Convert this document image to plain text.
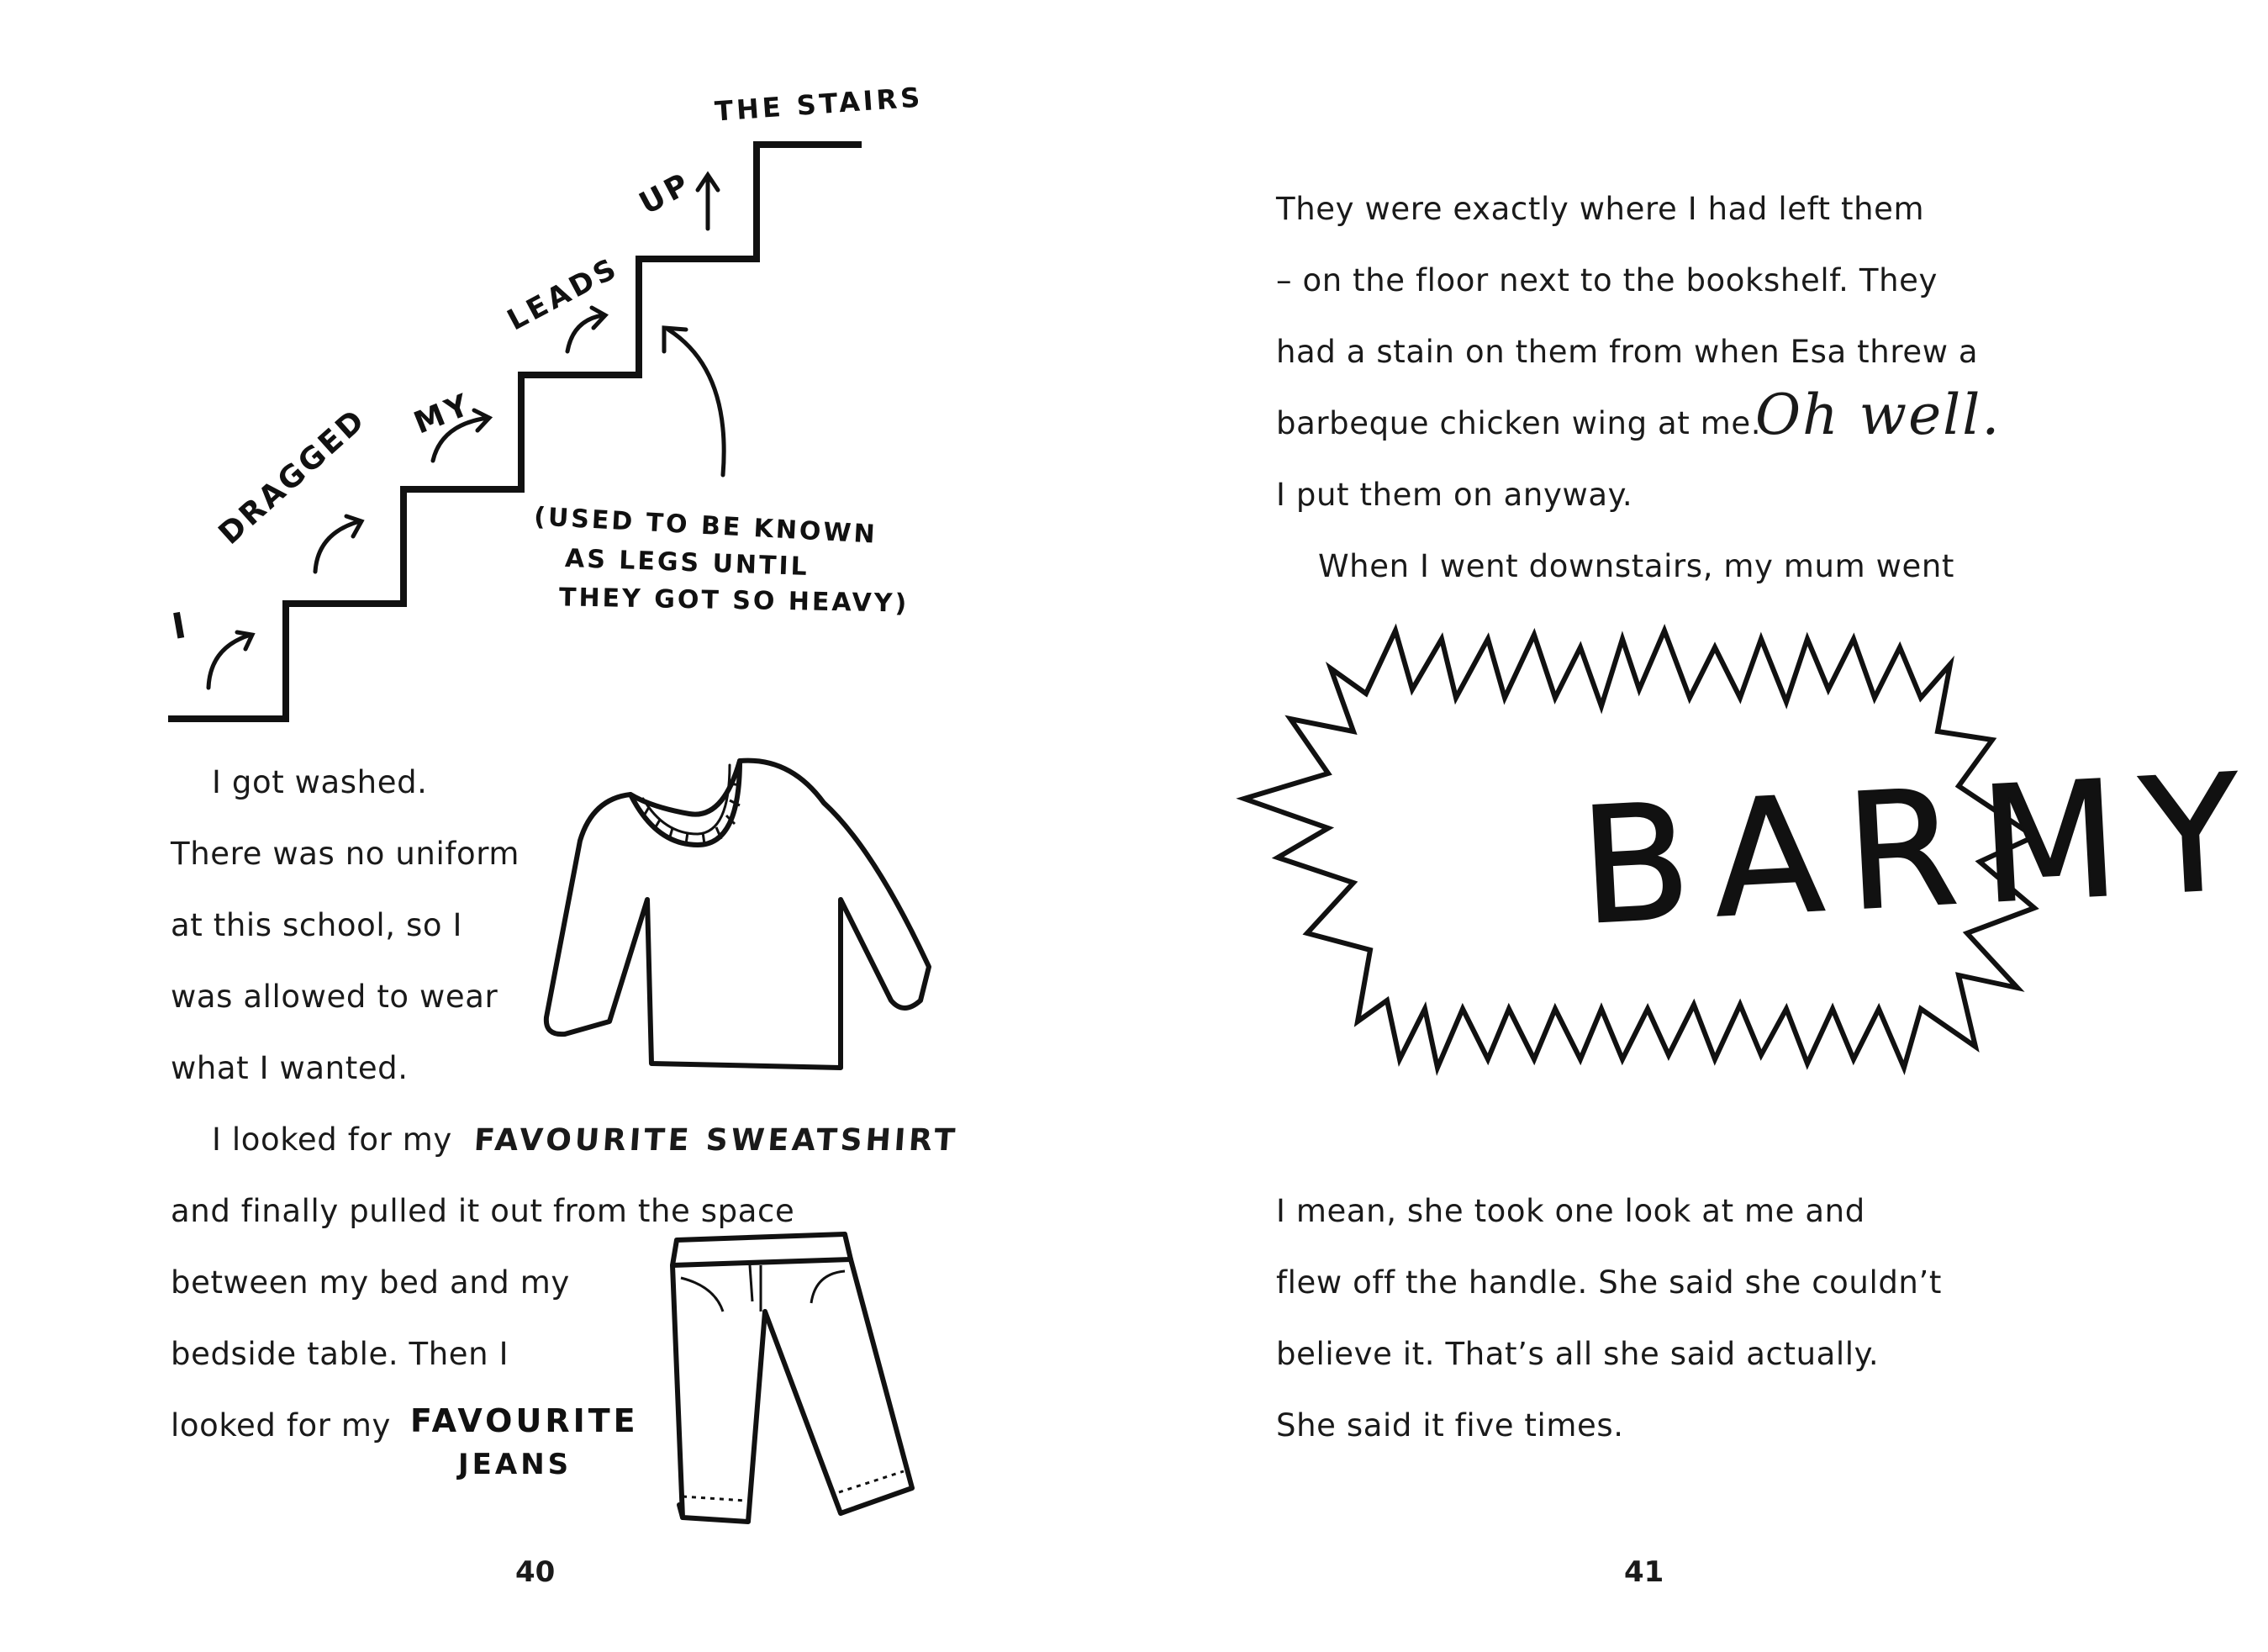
I
DRAGGED MY
LEADS
UP
THE STAIRS
(USED TO BE KNOWN
AS LEGS UNTIL
THEY GOT SO HEAVY)
I got washed.
There was no uniform
at this school, so I
was allowed to wear
what I wanted.
I looked for my FAVOURITE SWEATSHIRT
and finally pulled it out from the space
between my bed and my
bedside table. Then I
looked for my FAVOURITE
JEANS
40
They were exactly where I had left them
– on the floor next to the bookshelf. They
had a stain on them from when Esa threw a
barbeque chicken wing at me.
Oh well.
I put them on anyway.
When I went downstairs, my mum went
BARMY
I mean, she took one look at me and
flew off the handle. She said she couldn’t
believe it. That’s all she said actually.
She said it five times.
41
